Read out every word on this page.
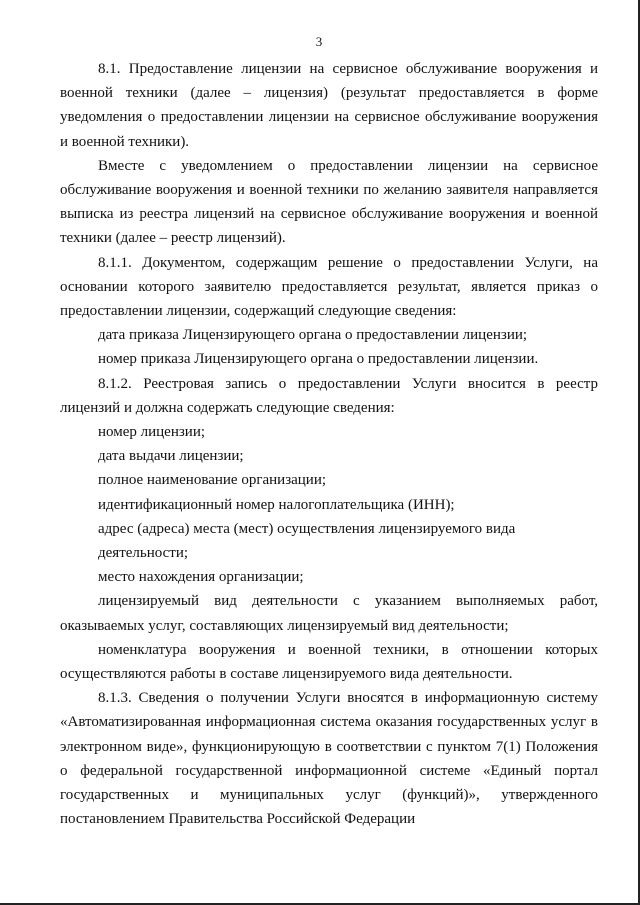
3

8.1. Предоставление лицензии на сервисное обслуживание вооружения и военной техники (далее – лицензия) (результат предоставляется в форме уведомления о предоставлении лицензии на сервисное обслуживание вооружения и военной техники).

Вместе с уведомлением о предоставлении лицензии на сервисное обслуживание вооружения и военной техники по желанию заявителя направляется выписка из реестра лицензий на сервисное обслуживание вооружения и военной техники (далее – реестр лицензий).

8.1.1. Документом, содержащим решение о предоставлении Услуги, на основании которого заявителю предоставляется результат, является приказ о предоставлении лицензии, содержащий следующие сведения:

дата приказа Лицензирующего органа о предоставлении лицензии;

номер приказа Лицензирующего органа о предоставлении лицензии.

8.1.2. Реестровая запись о предоставлении Услуги вносится в реестр лицензий и должна содержать следующие сведения:

номер лицензии;

дата выдачи лицензии;

полное наименование организации;

идентификационный номер налогоплательщика (ИНН);

адрес (адреса) места (мест) осуществления лицензируемого вида деятельности;

место нахождения организации;

лицензируемый вид деятельности с указанием выполняемых работ, оказываемых услуг, составляющих лицензируемый вид деятельности;

номенклатура вооружения и военной техники, в отношении которых осуществляются работы в составе лицензируемого вида деятельности.

8.1.3. Сведения о получении Услуги вносятся в информационную систему «Автоматизированная информационная система оказания государственных услуг в электронном виде», функционирующую в соответствии с пунктом 7(1) Положения о федеральной государственной информационной системе «Единый портал государственных и муниципальных услуг (функций)», утвержденного постановлением Правительства Российской Федерации
